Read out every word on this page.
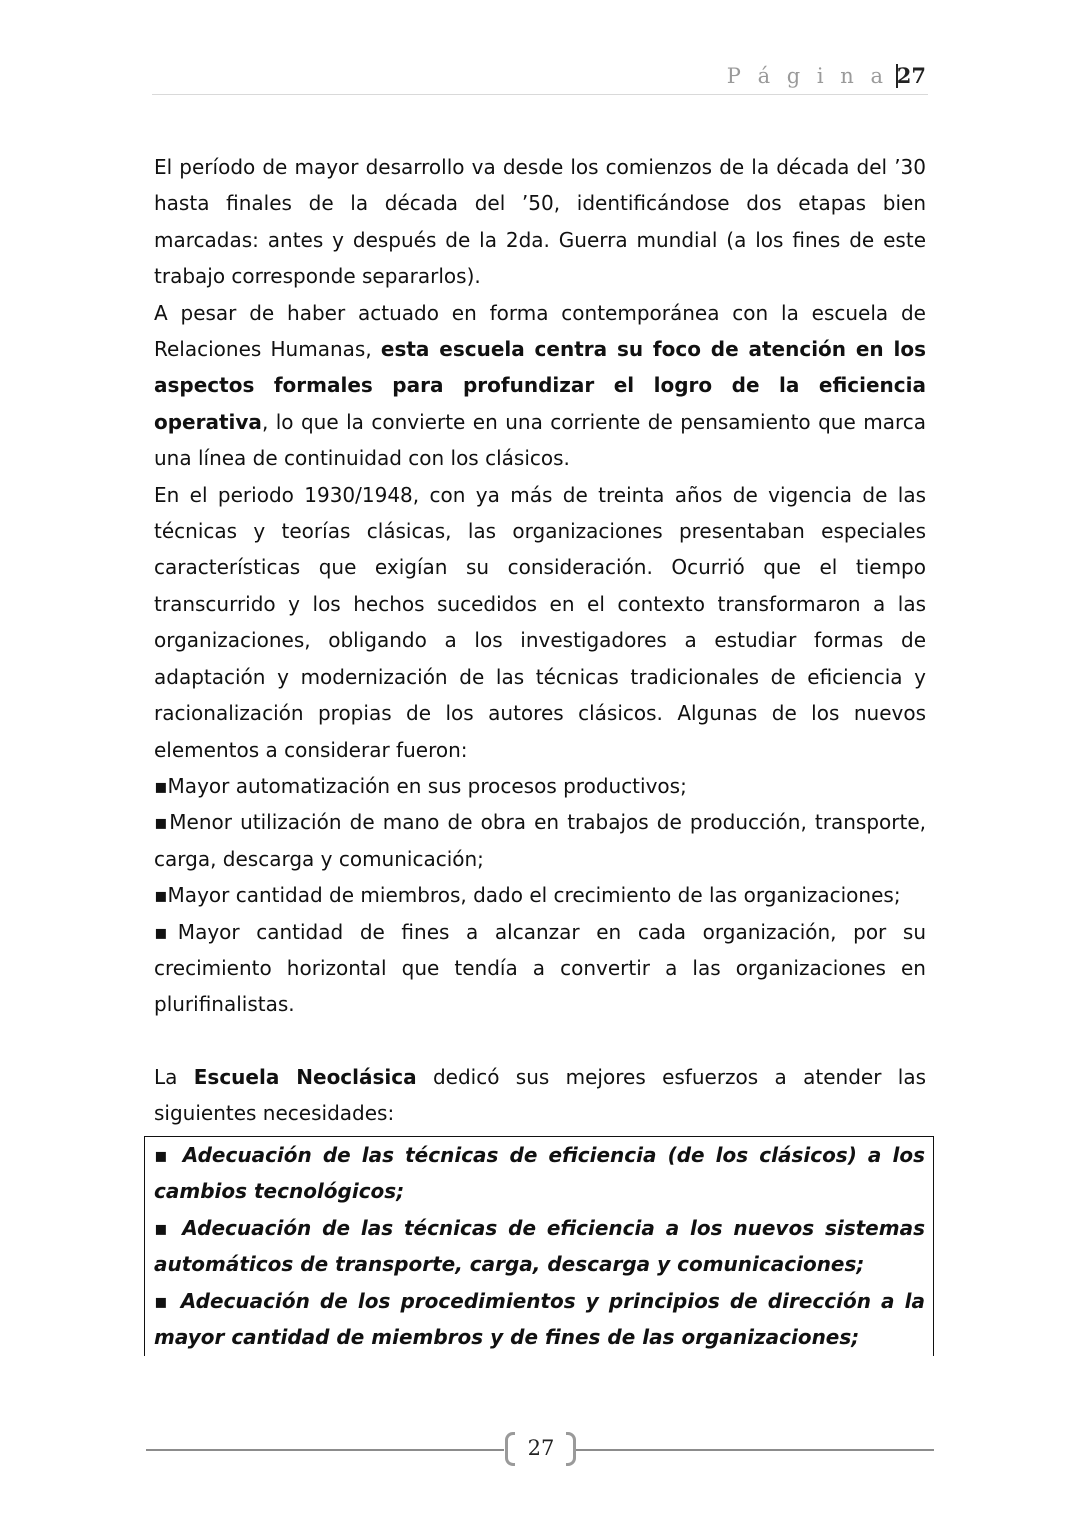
P á g i n a 27

El período de mayor desarrollo va desde los comienzos de la década del ’30 hasta finales de la década del ’50, identificándose dos etapas bien marcadas: antes y después de la 2da. Guerra mundial (a los fines de este trabajo corresponde separarlos).

A pesar de haber actuado en forma contemporánea con la escuela de Relaciones Humanas, esta escuela centra su foco de atención en los aspectos formales para profundizar el logro de la eficiencia operativa, lo que la convierte en una corriente de pensamiento que marca una línea de continuidad con los clásicos.

En el periodo 1930/1948, con ya más de treinta años de vigencia de las técnicas y teorías clásicas, las organizaciones presentaban especiales características que exigían su consideración. Ocurrió que el tiempo transcurrido y los hechos sucedidos en el contexto transformaron a las organizaciones, obligando a los investigadores a estudiar formas de adaptación y modernización de las técnicas tradicionales de eficiencia y racionalización propias de los autores clásicos. Algunas de los nuevos elementos a considerar fueron:

▪Mayor automatización en sus procesos productivos;
▪Menor utilización de mano de obra en trabajos de producción, transporte, carga, descarga y comunicación;
▪Mayor cantidad de miembros, dado el crecimiento de las organizaciones;
▪Mayor cantidad de fines a alcanzar en cada organización, por su crecimiento horizontal que tendía a convertir a las organizaciones en plurifinalistas.

La Escuela Neoclásica dedicó sus mejores esfuerzos a atender las siguientes necesidades:

▪ Adecuación de las técnicas de eficiencia (de los clásicos) a los cambios tecnológicos;

▪ Adecuación de las técnicas de eficiencia a los nuevos sistemas automáticos de transporte, carga, descarga y comunicaciones;

▪ Adecuación de los procedimientos y principios de dirección a la mayor cantidad de miembros y de fines de las organizaciones;

27
